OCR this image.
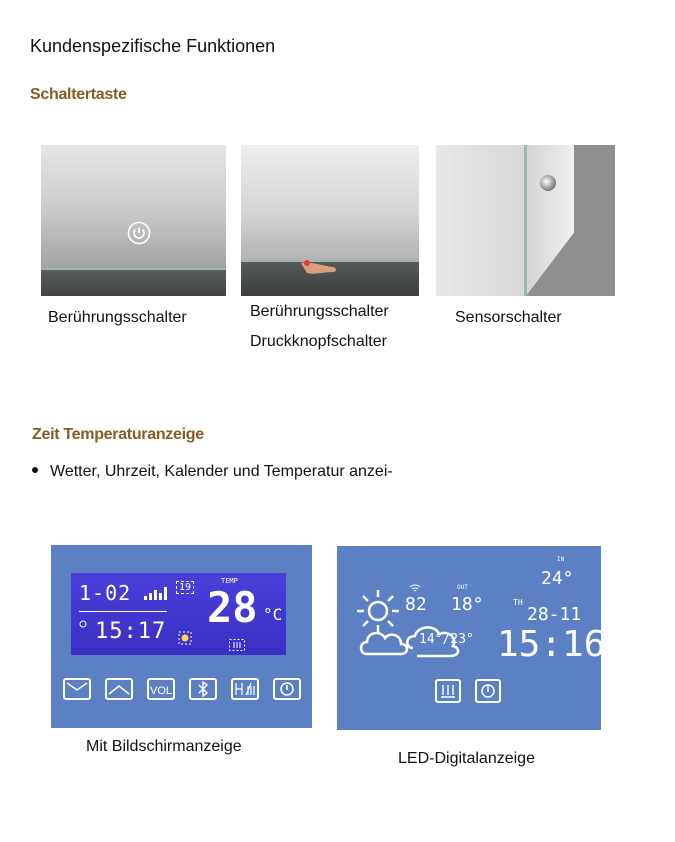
Kundenspezifische Funktionen
Schaltertaste
Berührungsschalter	Berührungsschalter
Druckknopfschalter
Sensorschalter
Zeit Temperaturanzeige
Wetter, Uhrzeit, Kalender und Temperatur anzei-
1-02	19
15:17
TEMP
28 °C
VOL
Mit Bildschirmanzeige
IN
24°
82
OUT
18°	TH
28-11
14°/23° 15:16
LED-Digitalanzeige
